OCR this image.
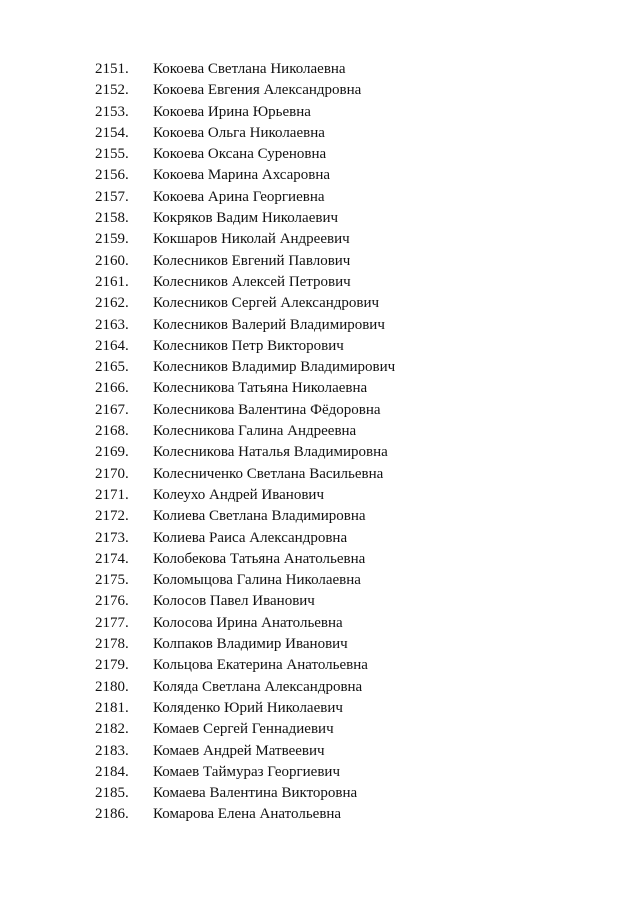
2151.	Кокоева Светлана Николаевна
2152.	Кокоева Евгения Александровна
2153.	Кокоева Ирина Юрьевна
2154.	Кокоева Ольга Николаевна
2155.	Кокоева Оксана Суреновна
2156.	Кокоева Марина Ахсаровна
2157.	Кокоева Арина Георгиевна
2158.	Кокряков Вадим Николаевич
2159.	Кокшаров Николай Андреевич
2160.	Колесников Евгений Павлович
2161.	Колесников Алексей Петрович
2162.	Колесников Сергей Александрович
2163.	Колесников Валерий Владимирович
2164.	Колесников Петр Викторович
2165.	Колесников Владимир Владимирович
2166.	Колесникова Татьяна Николаевна
2167.	Колесникова Валентина Фёдоровна
2168.	Колесникова Галина Андреевна
2169.	Колесникова Наталья Владимировна
2170.	Колесниченко Светлана Васильевна
2171.	Колеухо Андрей Иванович
2172.	Колиева Светлана Владимировна
2173.	Колиева Раиса Александровна
2174.	Колобекова Татьяна Анатольевна
2175.	Коломыцова Галина Николаевна
2176.	Колосов Павел Иванович
2177.	Колосова Ирина Анатольевна
2178.	Колпаков Владимир Иванович
2179.	Кольцова Екатерина Анатольевна
2180.	Коляда Светлана Александровна
2181.	Коляденко Юрий Николаевич
2182.	Комаев Сергей Геннадиевич
2183.	Комаев Андрей Матвеевич
2184.	Комаев Таймураз Георгиевич
2185.	Комаева Валентина Викторовна
2186.	Комарова Елена Анатольевна
